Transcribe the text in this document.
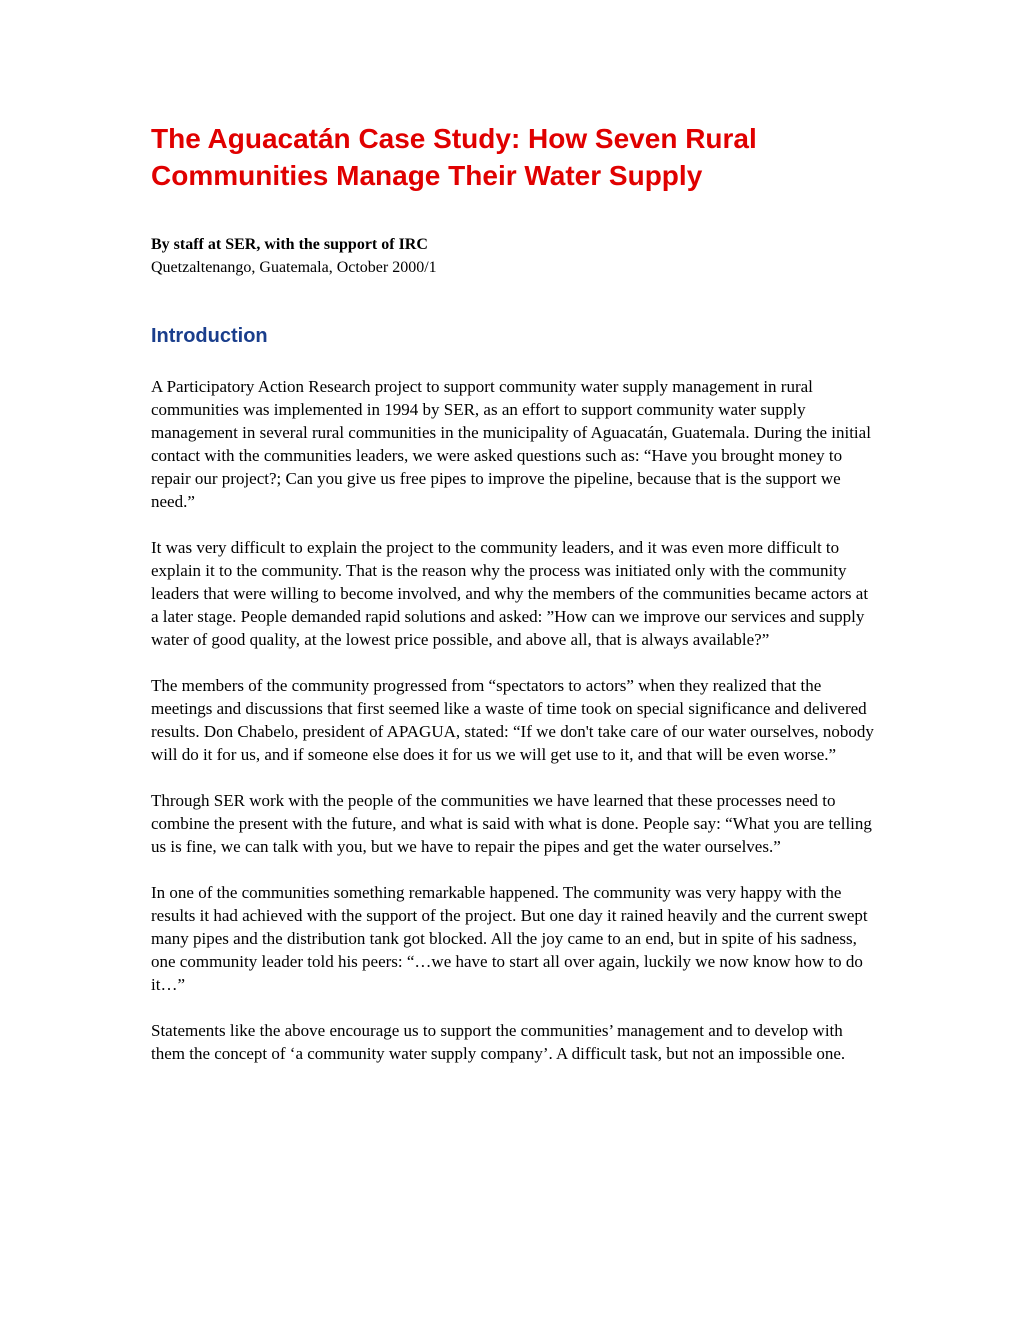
The Aguacatán Case Study: How Seven Rural
Communities Manage Their Water Supply

By staff at SER, with the support of IRC

Quetzaltenango, Guatemala, October 2000/1

Introduction

A Participatory Action Research project to support community water supply management in rural communities was implemented in 1994 by SER, as an effort to support community water supply management in several rural communities in the municipality of Aguacatán, Guatemala. During the initial contact with the communities leaders, we were asked questions such as: “Have you brought money to repair our project?; Can you give us free pipes to improve the pipeline, because that is the support we need.”

It was very difficult to explain the project to the community leaders, and it was even more difficult to explain it to the community. That is the reason why the process was initiated only with the community leaders that were willing to become involved, and why the members of the communities became actors at a later stage. People demanded rapid solutions and asked: ”How can we improve our services and supply water of good quality, at the lowest price possible, and above all, that is always available?”

The members of the community progressed from “spectators to actors” when they realized that the meetings and discussions that first seemed like a waste of time took on special significance and delivered results. Don Chabelo, president of APAGUA, stated: “If we don't take care of our water ourselves, nobody will do it for us, and if someone else does it for us we will get use to it, and that will be even worse.”

Through SER work with the people of the communities we have learned that these processes need to combine the present with the future, and what is said with what is done. People say: “What you are telling us is fine, we can talk with you, but we have to repair the pipes and get the water ourselves.”

In one of the communities something remarkable happened. The community was very happy with the results it had achieved with the support of the project. But one day it rained heavily and the current swept many pipes and the distribution tank got blocked. All the joy came to an end, but in spite of his sadness, one community leader told his peers: “…we have to start all over again, luckily we now know how to do it…”

Statements like the above encourage us to support the communities’ management and to develop with them the concept of ‘a community water supply company’. A difficult task, but not an impossible one.
